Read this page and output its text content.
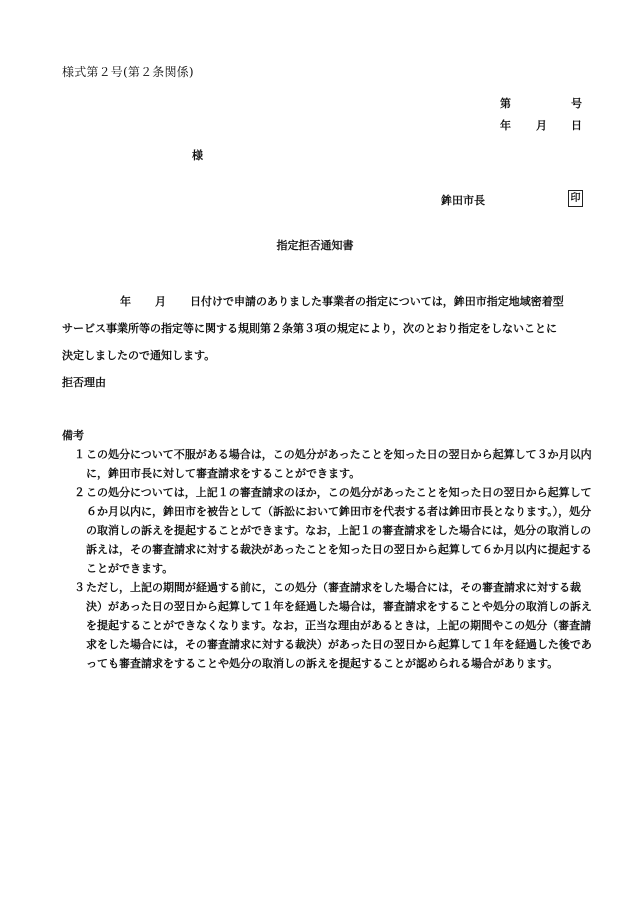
様式第２号(第２条関係)
第	号
年 月 日
様
鉾田市長	印
指定拒否通知書
年 月 日付けで申請のありました事業者の指定については，鉾田市指定地域密着型
サービス事業所等の指定等に関する規則第２条第３項の規定により，次のとおり指定をしないことに
決定しましたので通知します。
拒否理由
備考

１ この処分について不服がある場合は，この処分があったことを知った日の翌日から起算して３か月以内に，鉾田市長に対して審査請求をすることができます。

２ この処分については，上記１の審査請求のほか，この処分があったことを知った日の翌日から起算して６か月以内に，鉾田市を被告として（訴訟において鉾田市を代表する者は鉾田市長となります。），処分の取消しの訴えを提起することができます。なお，上記１の審査請求をした場合には，処分の取消しの訴えは，その審査請求に対する裁決があったことを知った日の翌日から起算して６か月以内に提起することができます。

３ ただし，上記の期間が経過する前に，この処分（審査請求をした場合には，その審査請求に対する裁決）があった日の翌日から起算して１年を経過した場合は，審査請求をすることや処分の取消しの訴えを提起することができなくなります。なお，正当な理由があるときは，上記の期間やこの処分（審査請求をした場合には，その審査請求に対する裁決）があった日の翌日から起算して１年を経過した後であっても審査請求をすることや処分の取消しの訴えを提起することが認められる場合があります。
